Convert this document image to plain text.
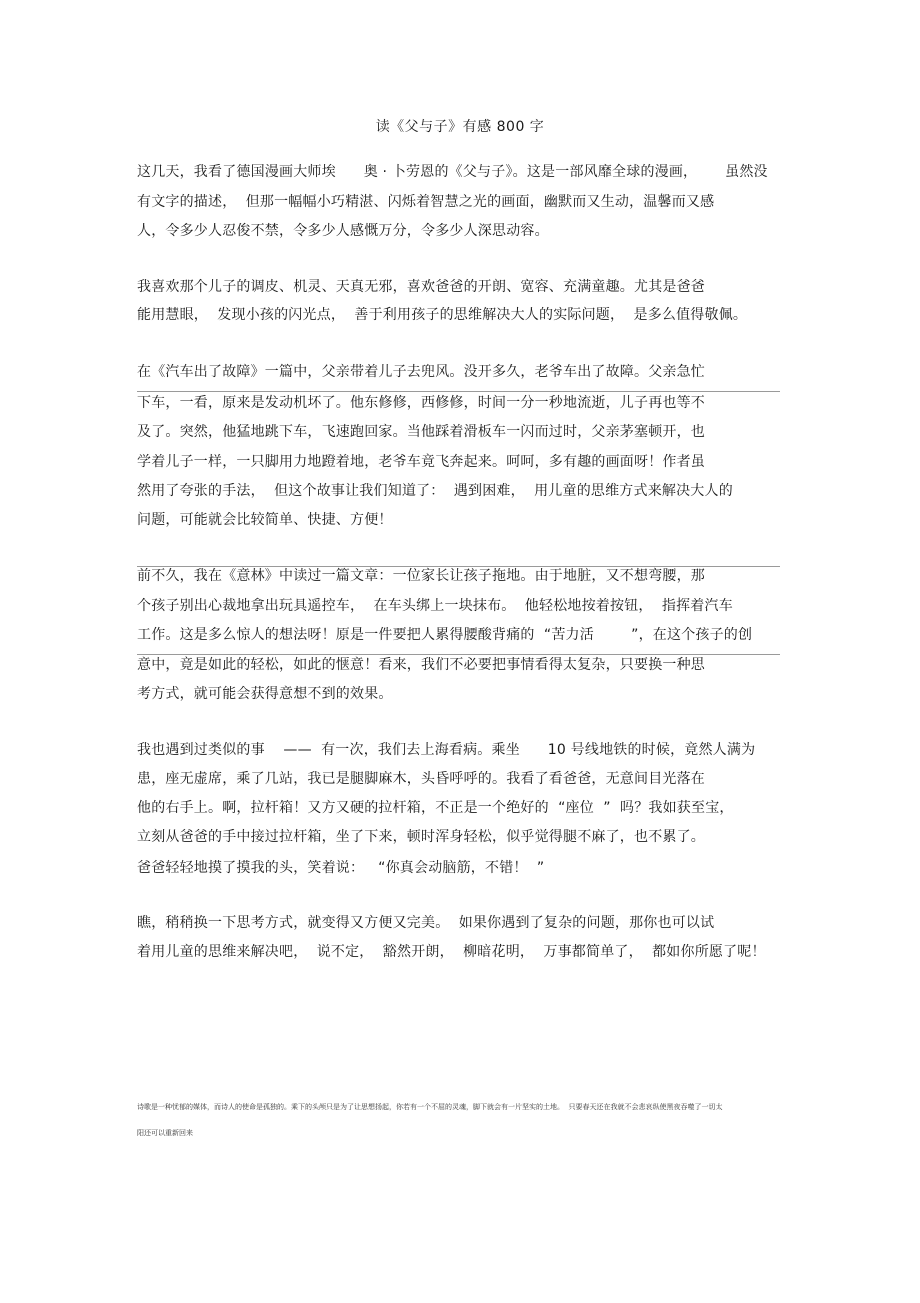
读《父与子》有感 800 字
这几天，我看了德国漫画大师埃      奥 · 卜劳恩的《父与子》。这是一部风靡全球的漫画，      虽然没
有文字的描述，  但那一幅幅小巧精湛、闪烁着智慧之光的画面，幽默而又生动，温馨而又感
人，令多少人忍俊不禁，令多少人感慨万分，令多少人深思动容。
我喜欢那个儿子的调皮、机灵、天真无邪，喜欢爸爸的开朗、宽容、充满童趣。尤其是爸爸
能用慧眼，  发现小孩的闪光点，  善于利用孩子的思维解决大人的实际问题，  是多么值得敬佩。
在《汽车出了故障》一篇中，父亲带着儿子去兜风。没开多久，老爷车出了故障。父亲急忙
下车，一看，原来是发动机坏了。他东修修，西修修，时间一分一秒地流逝，儿子再也等不
及了。突然，他猛地跳下车，飞速跑回家。当他踩着滑板车一闪而过时，父亲茅塞顿开，也
学着儿子一样，一只脚用力地蹬着地，老爷车竟飞奔起来。呵呵，多有趣的画面呀！作者虽
然用了夸张的手法，  但这个故事让我们知道了：  遇到困难，  用儿童的思维方式来解决大人的
问题，可能就会比较简单、快捷、方便！
前不久，我在《意林》中读过一篇文章：一位家长让孩子拖地。由于地脏，又不想弯腰，那
个孩子别出心裁地拿出玩具遥控车，  在车头绑上一块抹布。  他轻松地按着按钮，  指挥着汽车
工作。这是多么惊人的想法呀！原是一件要把人累得腰酸背痛的  “苦力活        ”，在这个孩子的创
意中，竟是如此的轻松，如此的惬意！看来，我们不必要把事情看得太复杂，只要换一种思
考方式，就可能会获得意想不到的效果。
我也遇到过类似的事    ——  有一次，我们去上海看病。乘坐      10 号线地铁的时候，竟然人满为
患，座无虚席，乘了几站，我已是腿脚麻木，头昏呼呼的。我看了看爸爸，无意间目光落在
他的右手上。啊，拉杆箱！又方又硬的拉杆箱，不正是一个绝好的  “座位  ”  吗？我如获至宝，
立刻从爸爸的手中接过拉杆箱，坐了下来，顿时浑身轻松，似乎觉得腿不麻了，也不累了。
爸爸轻轻地摸了摸我的头，笑着说：   “你真会动脑筋，不错！  ”
瞧，稍稍换一下思考方式，就变得又方便又完美。  如果你遇到了复杂的问题，那你也可以试
着用儿童的思维来解决吧，  说不定，  豁然开朗，  柳暗花明，  万事都简单了，  都如你所愿了呢！
诗歌是一种忧郁的媒体，而诗人的使命是孤独的。乘下的头颅只是为了让思想扬起，你若有一个不屈的灵魂，脚下就会有一片坚实的土地。  只要春天还在我就不会悲哀纵使黑夜吞噬了一切太
阳还可以重新回来
